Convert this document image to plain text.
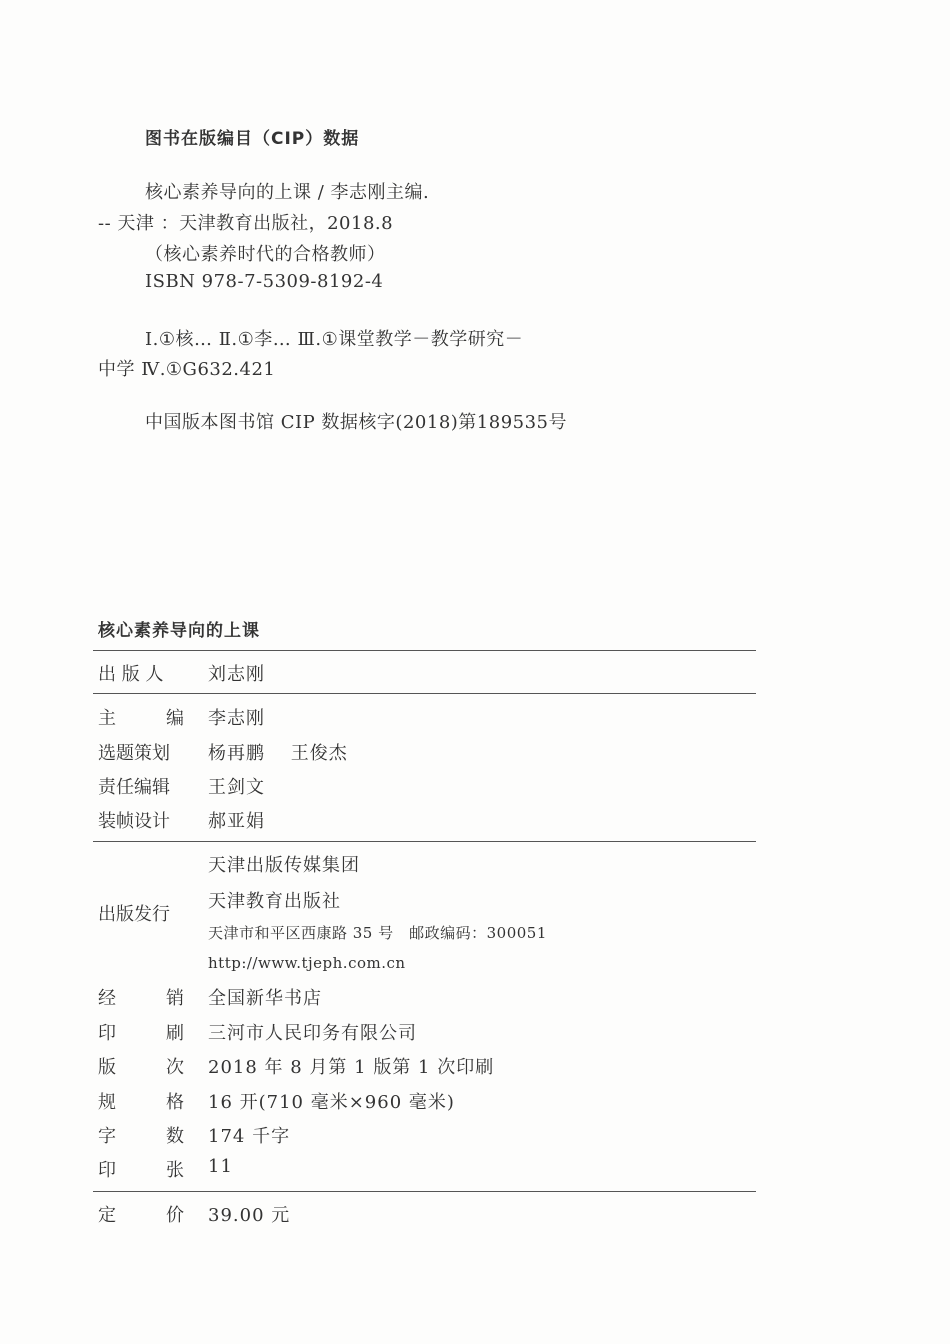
图书在版编目（CIP）数据
核心素养导向的上课 / 李志刚主编.
-- 天津 ：天津教育出版社，2018.8
（核心素养时代的合格教师）
ISBN 978-7-5309-8192-4
Ⅰ.①核… Ⅱ.①李… Ⅲ.①课堂教学－教学研究－
中学 Ⅳ.①G632.421
中国版本图书馆 CIP 数据核字(2018)第189535号
核心素养导向的上课
出 版 人 刘志刚
主	编 李志刚
选题策划 杨再鹏　 王俊杰
责任编辑 王剑文
装帧设计 郝亚娟
出版发行
天津出版传媒集团
天津教育出版社
天津市和平区西康路 35 号　邮政编码：300051
http://www.tjeph.com.cn
经	销 全国新华书店
印	刷 三河市人民印务有限公司
版	次 2018 年 8 月第 1 版第 1 次印刷
规	格 16 开(710 毫米×960 毫米)
字	数 174 千字
印	张 11
定	价 39.00 元
